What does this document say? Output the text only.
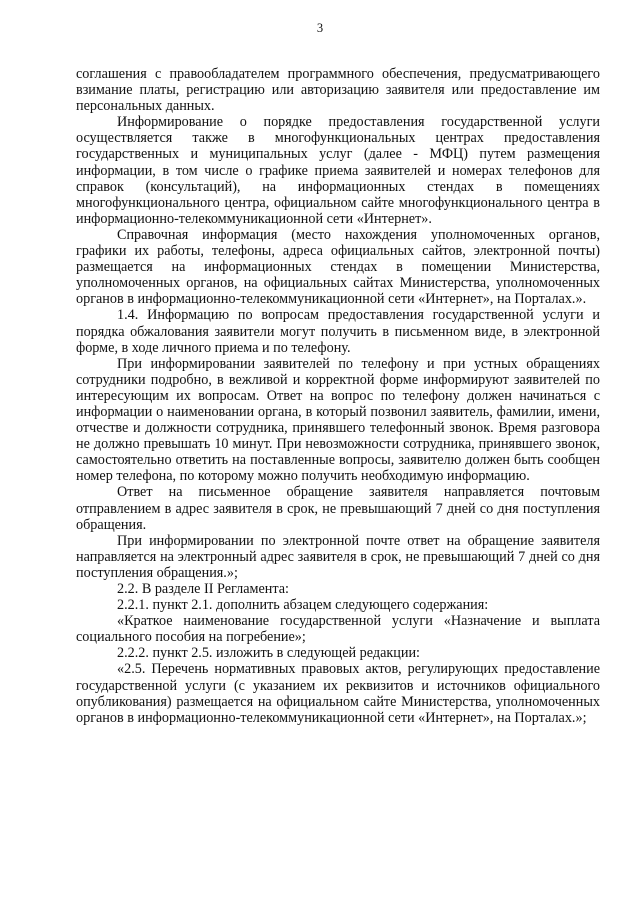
3

соглашения с правообладателем программного обеспечения, предусматривающего взимание платы, регистрацию или авторизацию заявителя или предоставление им персональных данных.

Информирование о порядке предоставления государственной услуги осуществляется также в многофункциональных центрах предоставления государственных и муниципальных услуг (далее - МФЦ) путем размещения информации, в том числе о графике приема заявителей и номерах телефонов для справок (консультаций), на информационных стендах в помещениях многофункционального центра, официальном сайте многофункционального центра в информационно-телекоммуникационной сети «Интернет».

Справочная информация (место нахождения уполномоченных органов, графики их работы, телефоны, адреса официальных сайтов, электронной почты) размещается на информационных стендах в помещении Министерства, уполномоченных органов, на официальных сайтах Министерства, уполномоченных органов в информационно-телекоммуникационной сети «Интернет», на Порталах.».

1.4. Информацию по вопросам предоставления государственной услуги и порядка обжалования заявители могут получить в письменном виде, в электронной форме, в ходе личного приема и по телефону.

При информировании заявителей по телефону и при устных обращениях сотрудники подробно, в вежливой и корректной форме информируют заявителей по интересующим их вопросам. Ответ на вопрос по телефону должен начинаться с информации о наименовании органа, в который позвонил заявитель, фамилии, имени, отчестве и должности сотрудника, принявшего телефонный звонок. Время разговора не должно превышать 10 минут. При невозможности сотрудника, принявшего звонок, самостоятельно ответить на поставленные вопросы, заявителю должен быть сообщен номер телефона, по которому можно получить необходимую информацию.

Ответ на письменное обращение заявителя направляется почтовым отправлением в адрес заявителя в срок, не превышающий 7 дней со дня поступления обращения.

При информировании по электронной почте ответ на обращение заявителя направляется на электронный адрес заявителя в срок, не превышающий 7 дней со дня поступления обращения.»;

2.2. В разделе II Регламента:

2.2.1. пункт 2.1. дополнить абзацем следующего содержания:

«Краткое наименование государственной услуги «Назначение и выплата социального пособия на погребение»;

2.2.2. пункт 2.5. изложить в следующей редакции:

«2.5. Перечень нормативных правовых актов, регулирующих предоставление государственной услуги (с указанием их реквизитов и источников официального опубликования) размещается на официальном сайте Министерства, уполномоченных органов в информационно-телекоммуникационной сети «Интернет», на Порталах.»;
